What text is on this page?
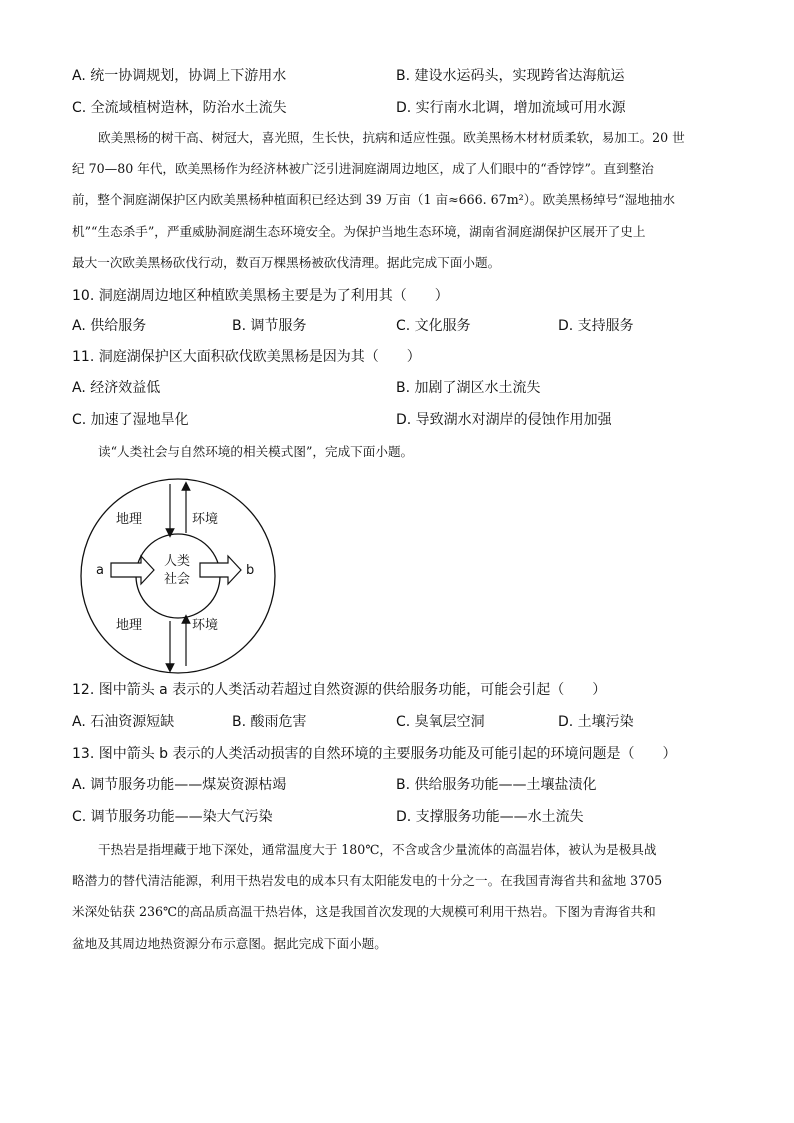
A. 统一协调规划，协调上下游用水	B. 建设水运码头，实现跨省达海航运
C. 全流域植树造林，防治水土流失	D. 实行南水北调，增加流域可用水源
欧美黑杨的树干高、树冠大，喜光照，生长快，抗病和适应性强。欧美黑杨木材材质柔软，易加工。20 世
纪 70—80 年代，欧美黑杨作为经济林被广泛引进洞庭湖周边地区，成了人们眼中的“香饽饽”。直到整治
前，整个洞庭湖保护区内欧美黑杨种植面积已经达到 39 万亩（1 亩≈666. 67m²）。欧美黑杨绰号“湿地抽水
机”“生态杀手”，严重威胁洞庭湖生态环境安全。为保护当地生态环境，湖南省洞庭湖保护区展开了史上
最大一次欧美黑杨砍伐行动，数百万棵黑杨被砍伐清理。据此完成下面小题。
10. 洞庭湖周边地区种植欧美黑杨主要是为了利用其（　　）
A. 供给服务	B. 调节服务	C. 文化服务	D. 支持服务
11. 洞庭湖保护区大面积砍伐欧美黑杨是因为其（　　）
A. 经济效益低	B. 加剧了湖区水土流失
C. 加速了湿地旱化	D. 导致湖水对湖岸的侵蚀作用加强
读“人类社会与自然环境的相关模式图”，完成下面小题。
地理	环境
地理	环境
人类
社会
a	b
12. 图中箭头 a 表示的人类活动若超过自然资源的供给服务功能，可能会引起（　　）
A. 石油资源短缺	B. 酸雨危害	C. 臭氧层空洞	D. 土壤污染
13. 图中箭头 b 表示的人类活动损害的自然环境的主要服务功能及可能引起的环境问题是（　　）
A. 调节服务功能——煤炭资源枯竭	B. 供给服务功能——土壤盐渍化
C. 调节服务功能——染大气污染	D. 支撑服务功能——水土流失
干热岩是指埋藏于地下深处，通常温度大于 180℃，不含或含少量流体的高温岩体，被认为是极具战
略潜力的替代清洁能源，利用干热岩发电的成本只有太阳能发电的十分之一。在我国青海省共和盆地 3705
米深处钻获 236℃的高品质高温干热岩体，这是我国首次发现的大规模可利用干热岩。下图为青海省共和
盆地及其周边地热资源分布示意图。据此完成下面小题。
